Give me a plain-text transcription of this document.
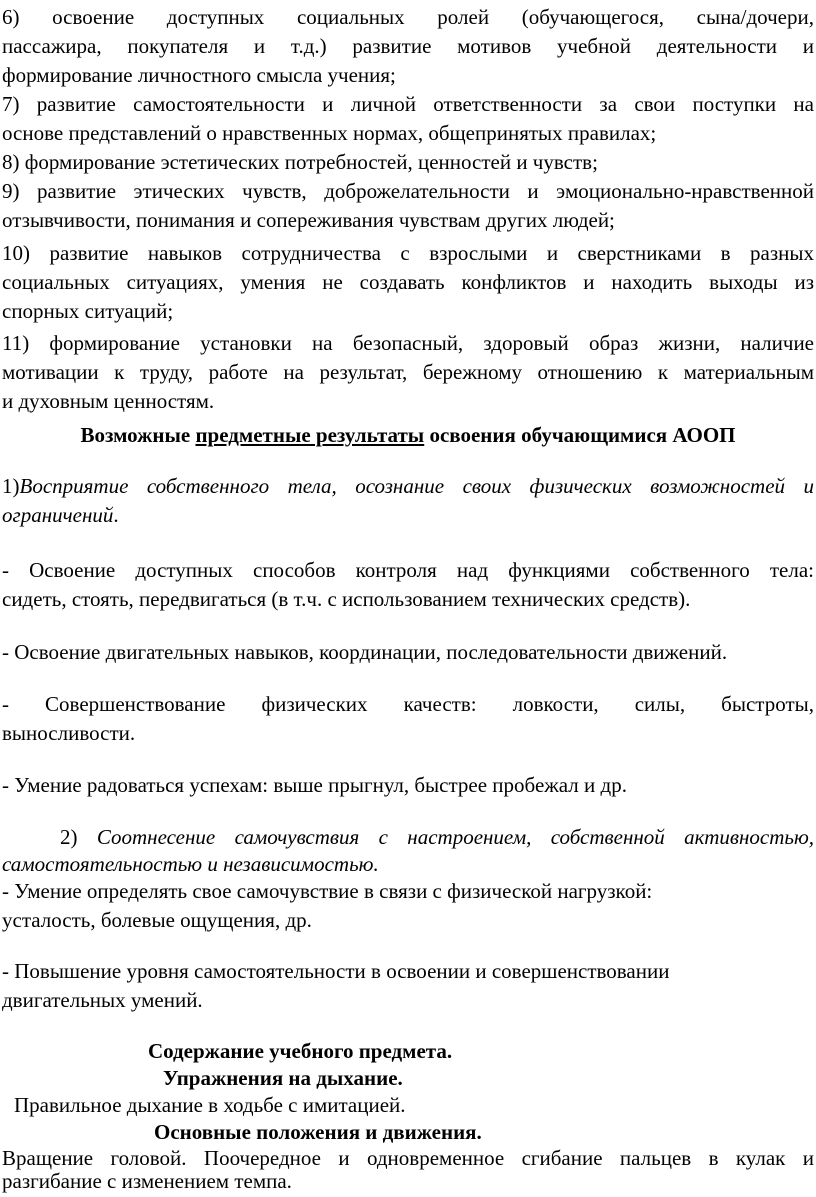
6) освоение доступных социальных ролей (обучающегося, сына/дочери,
пассажира, покупателя и т.д.) развитие мотивов учебной деятельности и
формирование личностного смысла учения;
7) развитие самостоятельности и личной ответственности за свои поступки на
основе представлений о нравственных нормах, общепринятых правилах;
8) формирование эстетических потребностей, ценностей и чувств;
9) развитие этических чувств, доброжелательности и эмоционально-нравственной
отзывчивости, понимания и сопереживания чувствам других людей;
10) развитие навыков сотрудничества с взрослыми и сверстниками в разных
социальных ситуациях, умения не создавать конфликтов и находить выходы из
спорных ситуаций;
11) формирование установки на безопасный, здоровый образ жизни, наличие
мотивации к труду, работе на результат, бережному отношению к материальным
и духовным ценностям.
Возможные предметные результаты освоения обучающимися АООП
1)Восприятие собственного тела, осознание своих физических возможностей и
ограничений.
- Освоение доступных способов контроля над функциями собственного тела:
сидеть, стоять, передвигаться (в т.ч. с использованием технических средств).
- Освоение двигательных навыков, координации, последовательности движений.
- Совершенствование физических качеств: ловкости, силы, быстроты,
выносливости.
- Умение радоваться успехам: выше прыгнул, быстрее пробежал и др.
2) Соотнесение самочувствия с настроением, собственной активностью,
самостоятельностью и независимостью.
- Умение определять свое самочувствие в связи с физической нагрузкой:
усталость, болевые ощущения, др.
- Повышение уровня самостоятельности в освоении и совершенствовании
двигательных умений.
Содержание учебного предмета.
Упражнения на дыхание.
Правильное дыхание в ходьбе с имитацией.
Основные положения и движения.
Вращение головой. Поочередное и одновременное сгибание пальцев в кулак и
разгибание с изменением темпа.
